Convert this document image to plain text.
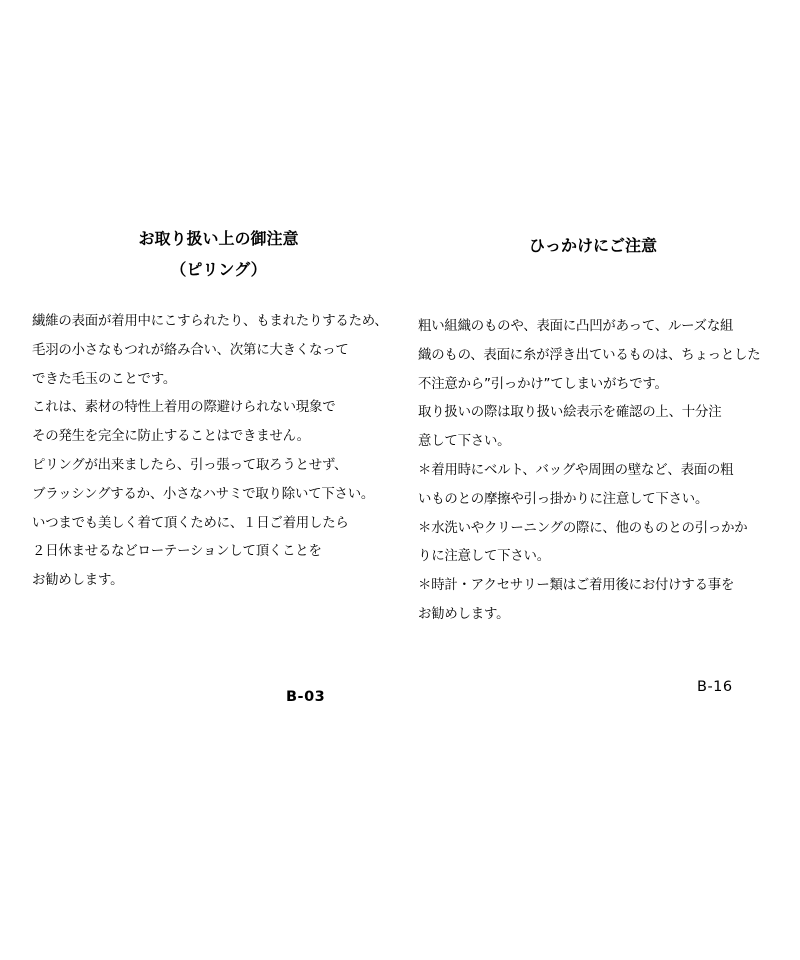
お取り扱い上の御注意
（ピリング）
繊維の表面が着用中にこすられたり、もまれたりするため、
毛羽の小さなもつれが絡み合い、次第に大きくなって
できた毛玉のことです。
これは、素材の特性上着用の際避けられない現象で
その発生を完全に防止することはできません。
ピリングが出来ましたら、引っ張って取ろうとせず、
ブラッシングするか、小さなハサミで取り除いて下さい。
いつまでも美しく着て頂くために、１日ご着用したら
２日休ませるなどローテーションして頂くことを
お勧めします。
B-03
ひっかけにご注意
粗い組織のものや、表面に凸凹があって、ルーズな組
織のもの、表面に糸が浮き出ているものは、ちょっとした
不注意から”引っかけ”てしまいがちです。
取り扱いの際は取り扱い絵表示を確認の上、十分注
意して下さい。
＊着用時にベルト、バッグや周囲の壁など、表面の粗
いものとの摩擦や引っ掛かりに注意して下さい。
＊水洗いやクリーニングの際に、他のものとの引っかか
りに注意して下さい。
＊時計・アクセサリー類はご着用後にお付けする事を
お勧めします。
B-16
